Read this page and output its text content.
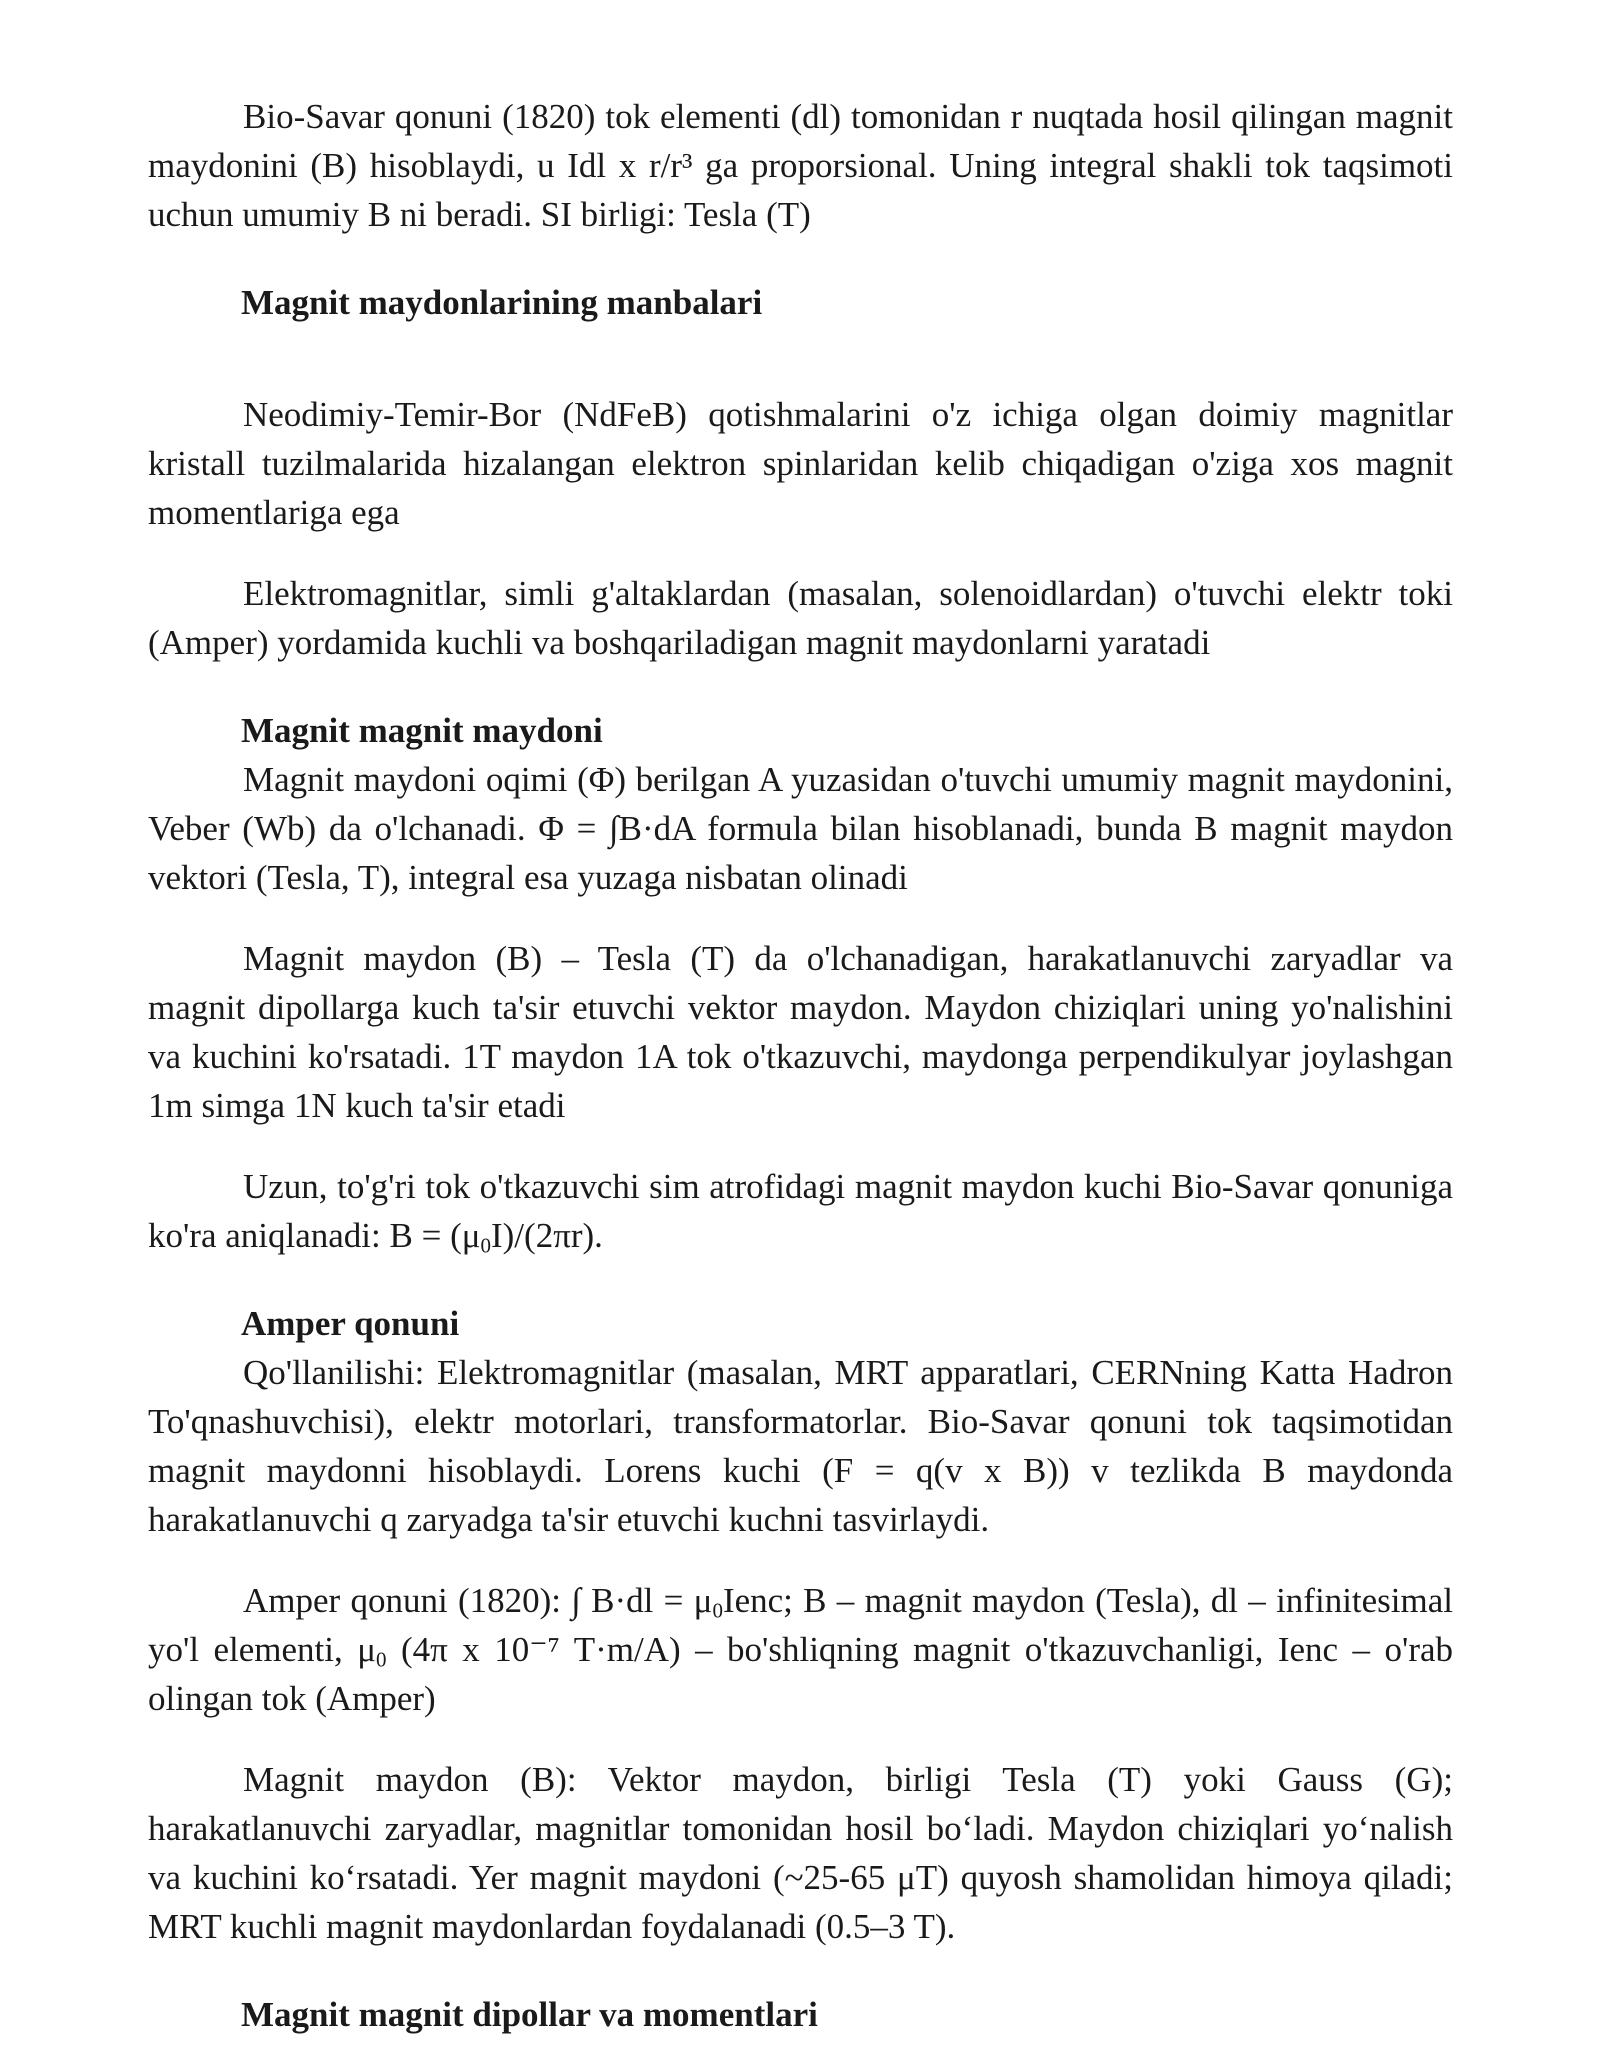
Bio-Savar qonuni (1820) tok elementi (dl) tomonidan r nuqtada hosil qilingan magnit maydonini (B) hisoblaydi, u Idl x r/r³ ga proporsional. Uning integral shakli tok taqsimoti uchun umumiy B ni beradi. SI birligi: Tesla (T)

Magnit maydonlarining manbalari

Neodimiy-Temir-Bor (NdFeB) qotishmalarini o'z ichiga olgan doimiy magnitlar kristall tuzilmalarida hizalangan elektron spinlaridan kelib chiqadigan o'ziga xos magnit momentlariga ega

Elektromagnitlar, simli g'altaklardan (masalan, solenoidlardan) o'tuvchi elektr toki (Amper) yordamida kuchli va boshqariladigan magnit maydonlarni yaratadi

Magnit magnit maydoni

Magnit maydoni oqimi (Φ) berilgan A yuzasidan o'tuvchi umumiy magnit maydonini, Veber (Wb) da o'lchanadi. Φ = ∫B·dA formula bilan hisoblanadi, bunda B magnit maydon vektori (Tesla, T), integral esa yuzaga nisbatan olinadi

Magnit maydon (B) – Tesla (T) da o'lchanadigan, harakatlanuvchi zaryadlar va magnit dipollarga kuch ta'sir etuvchi vektor maydon. Maydon chiziqlari uning yo'nalishini va kuchini ko'rsatadi. 1T maydon 1A tok o'tkazuvchi, maydonga perpendikulyar joylashgan 1m simga 1N kuch ta'sir etadi

Uzun, to'g'ri tok o'tkazuvchi sim atrofidagi magnit maydon kuchi Bio-Savar qonuniga ko'ra aniqlanadi: $B = (\mu_0I)/(2\pi r)$.

Amper qonuni

Qo'llanilishi: Elektromagnitlar (masalan, MRT apparatlari, CERNning Katta Hadron To'qnashuvchisi), elektr motorlari, transformatorlar. Bio-Savar qonuni tok taqsimotidan magnit maydonni hisoblaydi. Lorens kuchi (F = q(v x B)) v tezlikda B maydonda harakatlanuvchi q zaryadga ta'sir etuvchi kuchni tasvirlaydi.

Amper qonuni (1820): ∫ $B\cdot dl = \mu_0Ienc$; B – magnit maydon (Tesla), dl – infinitesimal yo'l elementi, $\mu_0$ (4π x 10⁻⁷ T·m/A) – bo'shliqning magnit o'tkazuvchanligi, Ienc – o'rab olingan tok (Amper)

Magnit maydon (B): Vektor maydon, birligi Tesla (T) yoki Gauss (G); harakatlanuvchi zaryadlar, magnitlar tomonidan hosil boʻladi. Maydon chiziqlari yoʻnalish va kuchini koʻrsatadi. Yer magnit maydoni (~25-65 μT) quyosh shamolidan himoya qiladi; MRT kuchli magnit maydonlardan foydalanadi (0.5–3 T).

Magnit magnit dipollar va momentlari
